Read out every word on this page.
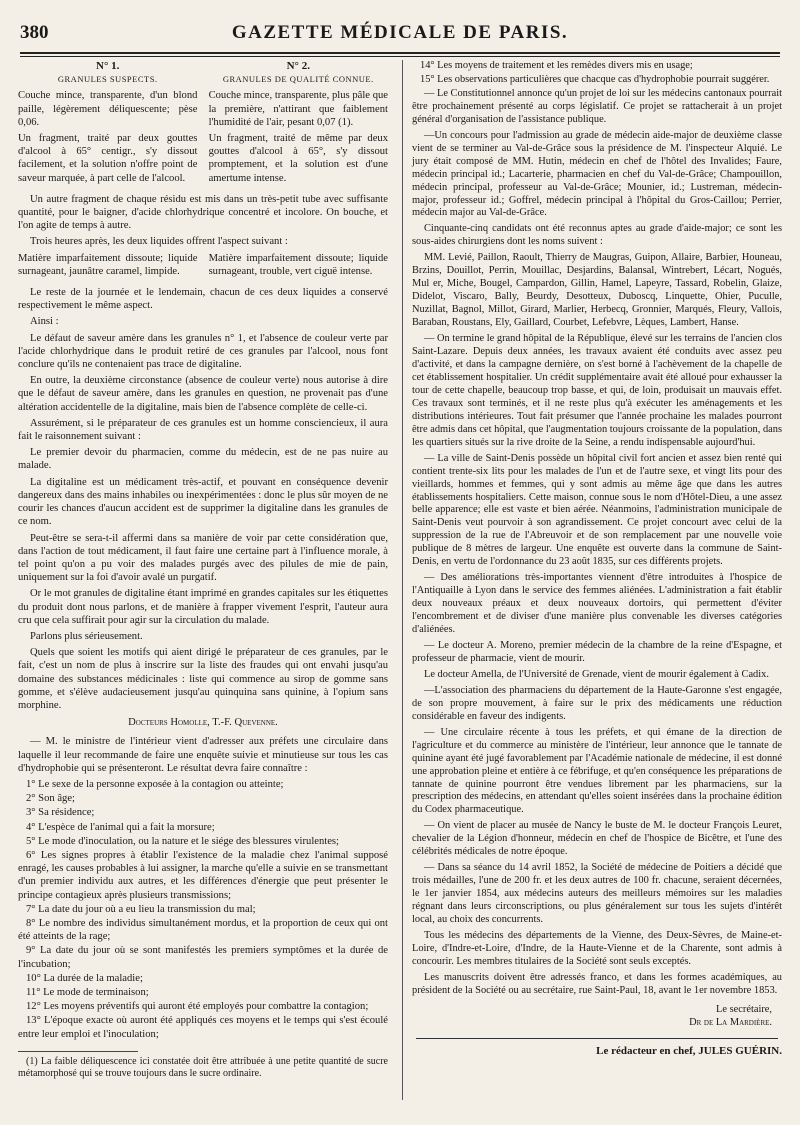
380	GAZETTE MÉDICALE DE PARIS.
N° 1.
GRANULES SUSPECTS.

Couche mince, transparente, d'un blond paille, légèrement déliquescente; pèse 0,06.

Un fragment, traité par deux gouttes d'alcool à 65° centigr., s'y dissout facilement, et la solution n'offre point de saveur marquée, à part celle de l'alcool.

N° 2.
GRANULES DE QUALITÉ CONNUE.

Couche mince, transparente, plus pâle que la première, n'attirant que faiblement l'humidité de l'air, pesant 0,07 (1).

Un fragment, traité de même par deux gouttes d'alcool à 65°, s'y dissout promptement, et la solution est d'une amertume intense.

Un autre fragment de chaque résidu est mis dans un très-petit tube avec suffisante quantité, pour le baigner, d'acide chlorhydrique concentré et incolore. On bouche, et l'on agite de temps à autre.

Trois heures après, les deux liquides offrent l'aspect suivant :

Matière imparfaitement dissoute; liquide surnageant, jaunâtre caramel, limpide.

Matière imparfaitement dissoute; liquide surnageant, trouble, vert ciguë intense.

Le reste de la journée et le lendemain, chacun de ces deux liquides a conservé respectivement le même aspect.

Ainsi :

Le défaut de saveur amère dans les granules n° 1, et l'absence de couleur verte par l'acide chlorhydrique dans le produit retiré de ces granules par l'alcool, nous font conclure qu'ils ne contenaient pas trace de digitaline.

En outre, la deuxième circonstance (absence de couleur verte) nous autorise à dire que le défaut de saveur amère, dans les granules en question, ne provenait pas d'une altération accidentelle de la digitaline, mais bien de l'absence complète de celle-ci.

Assurément, si le préparateur de ces granules est un homme consciencieux, il aura fait le raisonnement suivant :

Le premier devoir du pharmacien, comme du médecin, est de ne pas nuire au malade.

La digitaline est un médicament très-actif, et pouvant en conséquence devenir dangereux dans des mains inhabiles ou inexpérimentées : donc le plus sûr moyen de ne courir les chances d'aucun accident est de supprimer la digitaline dans les granules de ce nom.

Peut-être se sera-t-il affermi dans sa manière de voir par cette considération que, dans l'action de tout médicament, il faut faire une certaine part à l'influence morale, à tel point qu'on a pu voir des malades purgés avec des pilules de mie de pain, uniquement sur la foi d'avoir avalé un purgatif.

Or le mot granules de digitaline étant imprimé en grandes capitales sur les étiquettes du produit dont nous parlons, et de manière à frapper vivement l'esprit, l'auteur aura cru que cela suffirait pour agir sur la circulation du malade.

Parlons plus sérieusement.

Quels que soient les motifs qui aient dirigé le préparateur de ces granules, par le fait, c'est un nom de plus à inscrire sur la liste des fraudes qui ont envahi jusqu'au domaine des substances médicinales : liste qui commence au sirop de gomme sans gomme, et s'élève audacieusement jusqu'au quinquina sans quinine, à l'opium sans morphine.

Docteurs Homolle, T.-F. Quevenne.

— M. le ministre de l'intérieur vient d'adresser aux préfets une circulaire dans laquelle il leur recommande de faire une enquête suivie et minutieuse sur tous les cas d'hydrophobie qui se présenteront. Le résultat devra faire connaître :

1° Le sexe de la personne exposée à la contagion ou atteinte;

2° Son âge;

3° Sa résidence;

4° L'espèce de l'animal qui a fait la morsure;

5° Le mode d'inoculation, ou la nature et le siége des blessures virulentes;

6° Les signes propres à établir l'existence de la maladie chez l'animal supposé enragé, les causes probables à lui assigner, la marche qu'elle a suivie en se transmettant d'un premier individu aux autres, et les différences d'énergie que peut présenter le principe contagieux après plusieurs transmissions;

7° La date du jour où a eu lieu la transmission du mal;

8° Le nombre des individus simultanément mordus, et la proportion de ceux qui ont été atteints de la rage;

9° La date du jour où se sont manifestés les premiers symptômes et la durée de l'incubation;

10° La durée de la maladie;

11° Le mode de terminaison;

12° Les moyens préventifs qui auront été employés pour combattre la contagion;

13° L'époque exacte où auront été appliqués ces moyens et le temps qui s'est écoulé entre leur emploi et l'inoculation;

(1) La faible déliquescence ici constatée doit être attribuée à une petite quantité de sucre métamorphosé qui se trouve toujours dans le sucre ordinaire.

14° Les moyens de traitement et les remèdes divers mis en usage;

15° Les observations particulières que chacque cas d'hydrophobie pourrait suggérer.

— Le Constitutionnel annonce qu'un projet de loi sur les médecins cantonaux pourrait être prochainement présenté au corps législatif. Ce projet se rattacherait à un projet général d'organisation de l'assistance publique.

—Un concours pour l'admission au grade de médecin aide-major de deuxième classe vient de se terminer au Val-de-Grâce sous la présidence de M. l'inspecteur Alquié. Le jury était composé de MM. Hutin, médecin en chef de l'hôtel des Invalides; Faure, médecin principal id.; Lacarterie, pharmacien en chef du Val-de-Grâce; Champouillon, médecin principal, professeur au Val-de-Grâce; Mounier, id.; Lustreman, médecin-major, professeur id.; Goffrel, médecin principal à l'hôpital du Gros-Caillou; Perrier, médecin major au Val-de-Grâce.

Cinquante-cinq candidats ont été reconnus aptes au grade d'aide-major; ce sont les sous-aides chirurgiens dont les noms suivent :

MM. Levié, Paillon, Raoult, Thierry de Maugras, Guipon, Allaire, Barbier, Houneau, Brzins, Douillot, Perrin, Mouillac, Desjardins, Balansal, Wintrebert, Lécart, Nogués, Mul er, Miche, Bougel, Campardon, Gillin, Hamel, Lapeyre, Tassard, Robelin, Glaize, Didelot, Viscaro, Bally, Beurdy, Desotteux, Duboscq, Linquette, Ohier, Puculle, Nuzillat, Bagnol, Millot, Girard, Marlier, Herbecq, Gronnier, Marqués, Fleury, Vallois, Baraban, Roustans, Ely, Gaillard, Courbet, Lefebvre, Lèques, Lambert, Hanse.

— On termine le grand hôpital de la République, élevé sur les terrains de l'ancien clos Saint-Lazare. Depuis deux années, les travaux avaient été conduits avec assez peu d'activité, et dans la campagne dernière, on s'est borné à l'achèvement de la chapelle de cet établissement hospitalier. Un crédit supplémentaire avait été alloué pour exhausser la tour de cette chapelle, beaucoup trop basse, et qui, de loin, produisait un mauvais effet. Ces travaux sont terminés, et il ne reste plus qu'à exécuter les aménagements et les distributions intérieures. Tout fait présumer que l'année prochaine les malades pourront être admis dans cet hôpital, que l'augmentation toujours croissante de la population, dans les quartiers situés sur la rive droite de la Seine, a rendu indispensable aujourd'hui.

— La ville de Saint-Denis possède un hôpital civil fort ancien et assez bien renté qui contient trente-six lits pour les malades de l'un et de l'autre sexe, et vingt lits pour des vieillards, hommes et femmes, qui y sont admis au même âge que dans les autres établissements hospitaliers. Cette maison, connue sous le nom d'Hôtel-Dieu, a une assez belle apparence; elle est vaste et bien aérée. Néanmoins, l'administration municipale de Saint-Denis veut pourvoir à son agrandissement. Ce projet concourt avec celui de la suppression de la rue de l'Abreuvoir et de son remplacement par une nouvelle voie publique de 8 mètres de largeur. Une enquête est ouverte dans la commune de Saint-Denis, en vertu de l'ordonnance du 23 août 1835, sur ces différents projets.

— Des améliorations très-importantes viennent d'être introduites à l'hospice de l'Antiquaille à Lyon dans le service des femmes aliénées. L'administration a fait établir deux nouveaux préaux et deux nouveaux dortoirs, qui permettent d'éviter l'encombrement et de diviser d'une manière plus convenable les diverses catégories d'aliénées.

— Le docteur A. Moreno, premier médecin de la chambre de la reine d'Espagne, et professeur de pharmacie, vient de mourir.

Le docteur Amella, de l'Université de Grenade, vient de mourir également à Cadix.

—L'association des pharmaciens du département de la Haute-Garonne s'est engagée, de son propre mouvement, à faire sur le prix des médicaments une réduction considérable en faveur des indigents.

— Une circulaire récente à tous les préfets, et qui émane de la direction de l'agriculture et du commerce au ministère de l'intérieur, leur annonce que le tannate de quinine ayant été jugé favorablement par l'Académie nationale de médecine, il est donné une approbation pleine et entière à ce fébrifuge, et qu'en conséquence les préparations de tannate de quinine pourront être vendues librement par les pharmaciens, sur la prescription des médecins, en attendant qu'elles soient insérées dans la prochaine édition du Codex pharmaceutique.

— On vient de placer au musée de Nancy le buste de M. le docteur François Leuret, chevalier de la Légion d'honneur, médecin en chef de l'hospice de Bicêtre, et l'une des célébrités médicales de notre époque.

— Dans sa séance du 14 avril 1852, la Société de médecine de Poitiers a décidé que trois médailles, l'une de 200 fr. et les deux autres de 100 fr. chacune, seraient décernées, le 1er janvier 1854, aux médecins auteurs des meilleurs mémoires sur les maladies régnant dans leurs circonscriptions, ou plus généralement sur tous les sujets d'intérêt local, au choix des concurrents.

Tous les médecins des départements de la Vienne, des Deux-Sèvres, de Maine-et-Loire, d'Indre-et-Loire, d'Indre, de la Haute-Vienne et de la Charente, sont admis à concourir. Les membres titulaires de la Société sont seuls exceptés.

Les manuscrits doivent être adressés franco, et dans les formes académiques, au président de la Société ou au secrétaire, rue Saint-Paul, 18, avant le 1er novembre 1853.

Le secrétaire,
Dr de La Mardière.
Le rédacteur en chef, JULES GUÉRIN.
